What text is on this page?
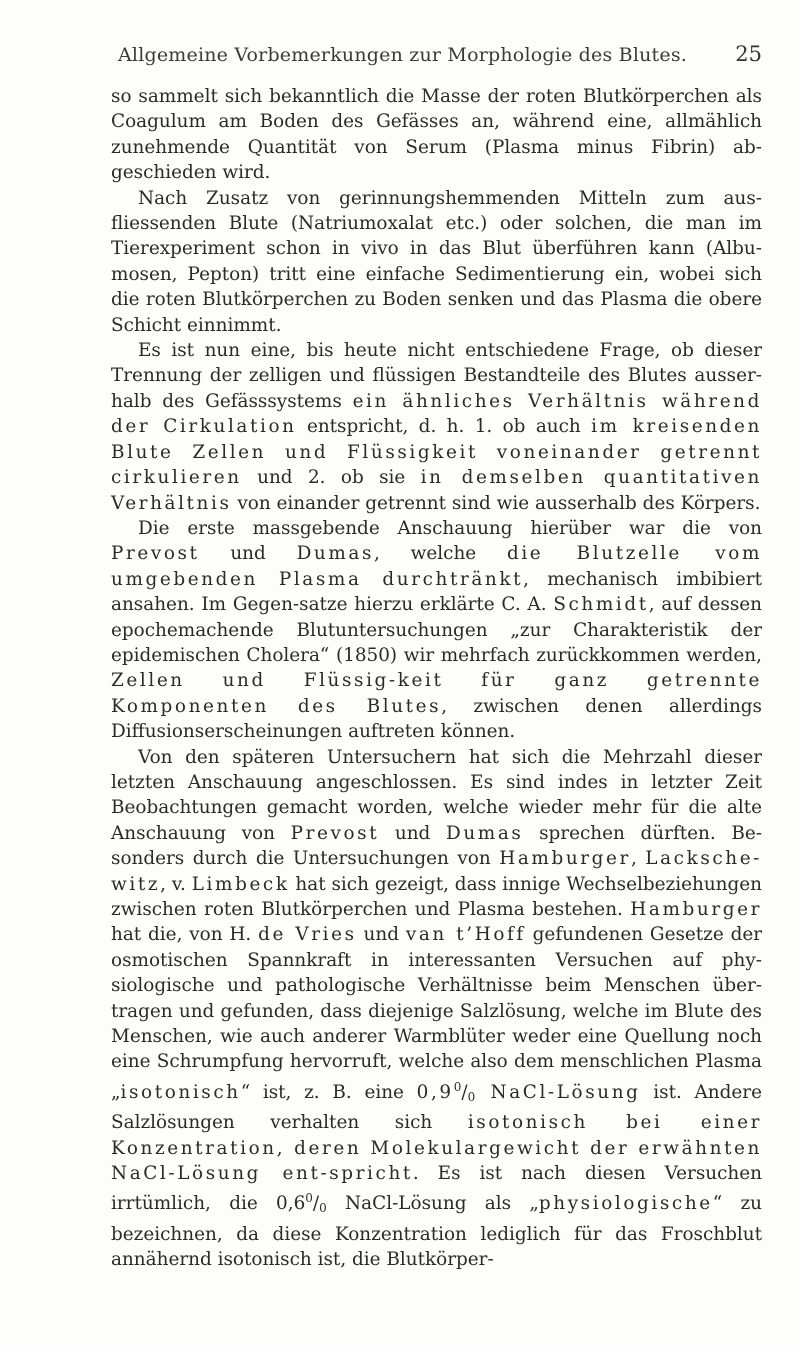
Allgemeine Vorbemerkungen zur Morphologie des Blutes. 25

so sammelt sich bekanntlich die Masse der roten Blutkörperchen als Coagulum am Boden des Gefässes an, während eine, allmählich zunehmende Quantität von Serum (Plasma minus Fibrin) ab-geschieden wird.

Nach Zusatz von gerinnungshemmenden Mitteln zum aus-fliessenden Blute (Natriumoxalat etc.) oder solchen, die man im Tierexperiment schon in vivo in das Blut überführen kann (Albu-mosen, Pepton) tritt eine einfache Sedimentierung ein, wobei sich die roten Blutkörperchen zu Boden senken und das Plasma die obere Schicht einnimmt.

Es ist nun eine, bis heute nicht entschiedene Frage, ob dieser Trennung der zelligen und flüssigen Bestandteile des Blutes ausser-halb des Gefässsystems ein ähnliches Verhältnis während der Cirkulation entspricht, d. h. 1. ob auch im kreisenden Blute Zellen und Flüssigkeit voneinander getrennt cirkulieren und 2. ob sie in demselben quantitativen Verhältnis von einander getrennt sind wie ausserhalb des Körpers.

Die erste massgebende Anschauung hierüber war die von Prevost und Dumas, welche die Blutzelle vom umgebenden Plasma durchtränkt, mechanisch imbibiert ansahen. Im Gegen-satze hierzu erklärte C. A. Schmidt, auf dessen epochemachende Blutuntersuchungen „zur Charakteristik der epidemischen Cholera“ (1850) wir mehrfach zurückkommen werden, Zellen und Flüssig-keit für ganz getrennte Komponenten des Blutes, zwischen denen allerdings Diffusionserscheinungen auftreten können.

Von den späteren Untersuchern hat sich die Mehrzahl dieser letzten Anschauung angeschlossen. Es sind indes in letzter Zeit Beobachtungen gemacht worden, welche wieder mehr für die alte Anschauung von Prevost und Dumas sprechen dürften. Be-sonders durch die Untersuchungen von Hamburger, Lacksche-witz, v. Limbeck hat sich gezeigt, dass innige Wechselbeziehungen zwischen roten Blutkörperchen und Plasma bestehen. Hamburger hat die, von H. de Vries und van t’Hoff gefundenen Gesetze der osmotischen Spannkraft in interessanten Versuchen auf phy-siologische und pathologische Verhältnisse beim Menschen über-tragen und gefunden, dass diejenige Salzlösung, welche im Blute des Menschen, wie auch anderer Warmblüter weder eine Quellung noch eine Schrumpfung hervorruft, welche also dem menschlichen Plasma „isotonisch“ ist, z. B. eine $0,9^0/_0$ NaCl-Lösung ist. Andere Salzlösungen verhalten sich isotonisch bei einer Konzentration, deren Molekulargewicht der erwähnten NaCl-Lösung ent-spricht. Es ist nach diesen Versuchen irrtümlich, die $0,6^0/_0$ NaCl-Lösung als „physiologische“ zu bezeichnen, da diese Konzentration lediglich für das Froschblut annähernd isotonisch ist, die Blutkörper-
